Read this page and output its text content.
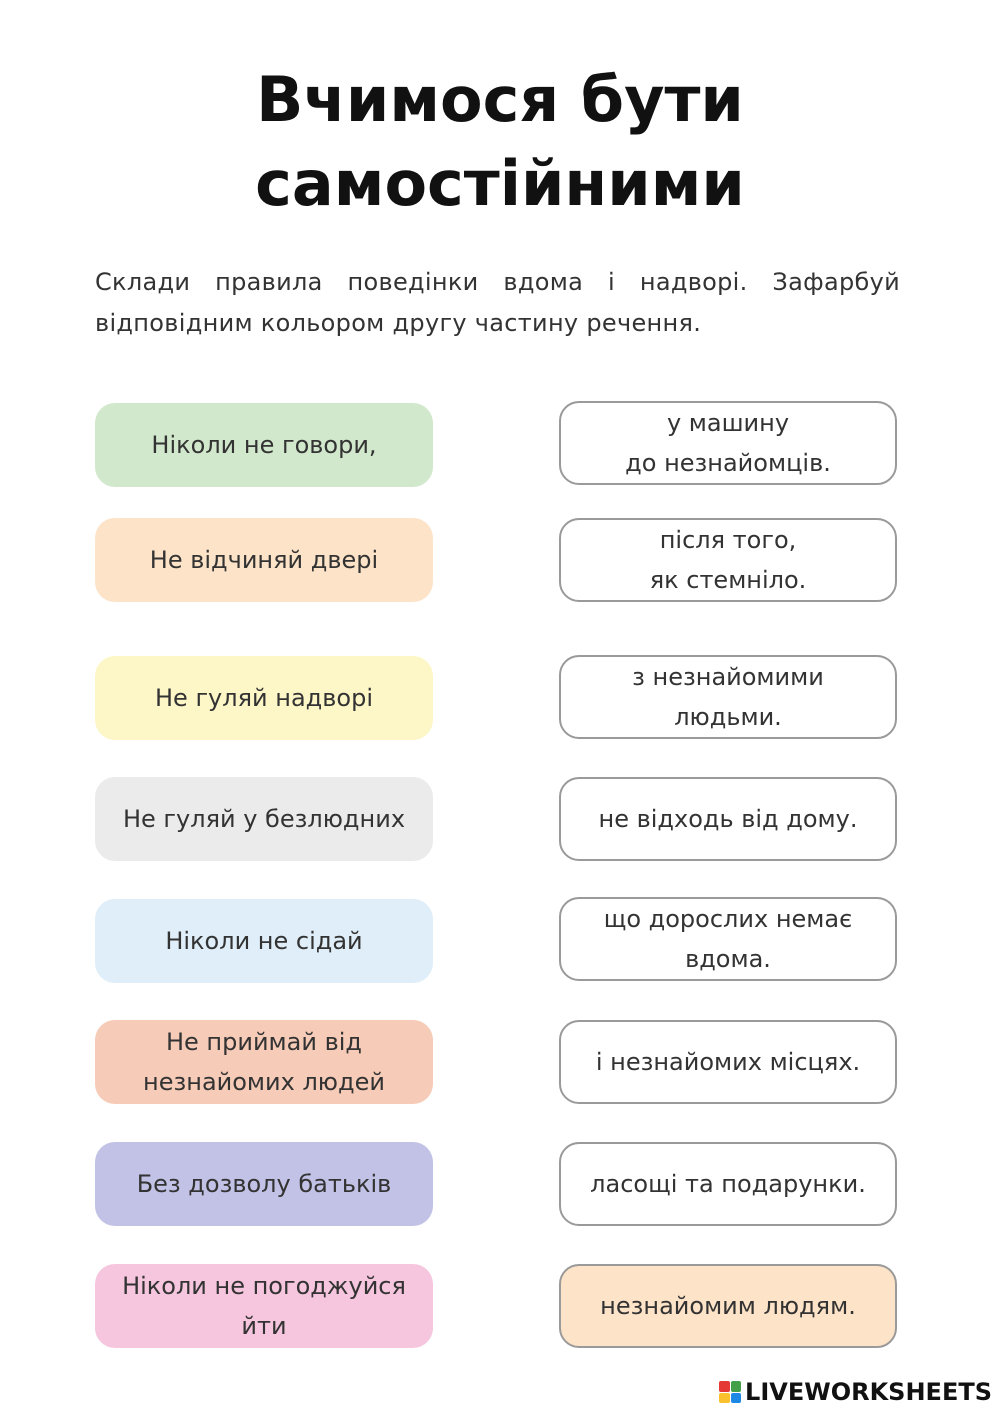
Вчимося бути
самостійними

Склади правила поведінки вдома і надворі. Зафарбуй відповідним кольором другу частину речення.

Ніколи не говори,
Не відчиняй двері
Не гуляй надворі
Не гуляй у безлюдних
Ніколи не сідай
Не приймай від
незнайомих людей
Без дозволу батьків
Ніколи не погоджуйся
йти
у машину
до незнайомців.
після того,
як стемніло.
з незнайомими
людьми.
не відходь від дому.
що дорослих немає
вдома.
і незнайомих місцях.
ласощі та подарунки.
незнайомим людям.
LIVEWORKSHEETS
